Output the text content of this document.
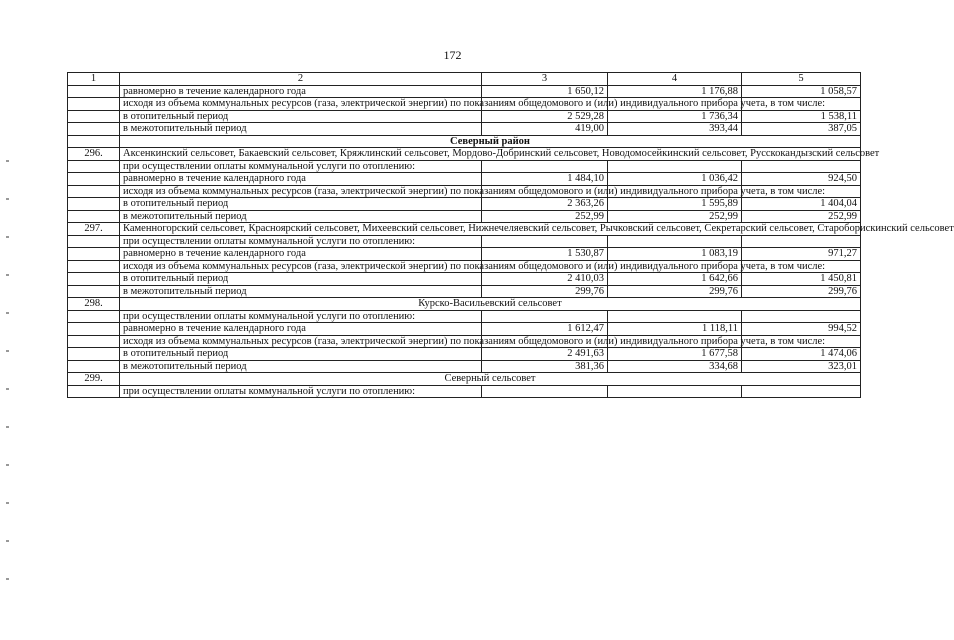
172
1	2	3	4	5
	равномерно в течение календарного года	1 650,12	1 176,88	1 058,57

	исходя из объема коммунальных ресурсов (газа, электрической энергии) по показаниям общедомового и (или) индивидуального прибора учета, в том числе:			

	в отопительный период	2 529,28	1 736,34	1 538,11
	в межотопительный период	419,00	393,44	387,05
	Северный район			
296.	Аксенкинский сельсовет, Бакаевский сельсовет, Кряжлинский сельсовет, Мордово-Добринский сельсовет, Новодомосейкинский сельсовет, Русскокандызский сельсовет			
	при осуществлении оплаты коммунальной услуги по отоплению:			
	равномерно в течение календарного года	1 484,10	1 036,42	924,50

	исходя из объема коммунальных ресурсов (газа, электрической энергии) по показаниям общедомового и (или) индивидуального прибора учета, в том числе:			

	в отопительный период	2 363,26	1 595,89	1 404,04
	в межотопительный период	252,99	252,99	252,99
297.	Каменногорский сельсовет, Красноярский сельсовет, Михеевский сельсовет, Нижнечеляевский сельсовет, Рычковский сельсовет, Секретарский сельсовет, Староборискинский сельсовет			
	при осуществлении оплаты коммунальной услуги по отоплению:			
	равномерно в течение календарного года	1 530,87	1 083,19	971,27

	исходя из объема коммунальных ресурсов (газа, электрической энергии) по показаниям общедомового и (или) индивидуального прибора учета, в том числе:			

	в отопительный период	2 410,03	1 642,66	1 450,81
	в межотопительный период	299,76	299,76	299,76
298.	Курско-Васильевский сельсовет			
	при осуществлении оплаты коммунальной услуги по отоплению:			
	равномерно в течение календарного года	1 612,47	1 118,11	994,52

	исходя из объема коммунальных ресурсов (газа, электрической энергии) по показаниям общедомового и (или) индивидуального прибора учета, в том числе:			

	в отопительный период	2 491,63	1 677,58	1 474,06
	в межотопительный период	381,36	334,68	323,01
299.	Северный сельсовет			
	при осуществлении оплаты коммунальной услуги по отоплению:			
